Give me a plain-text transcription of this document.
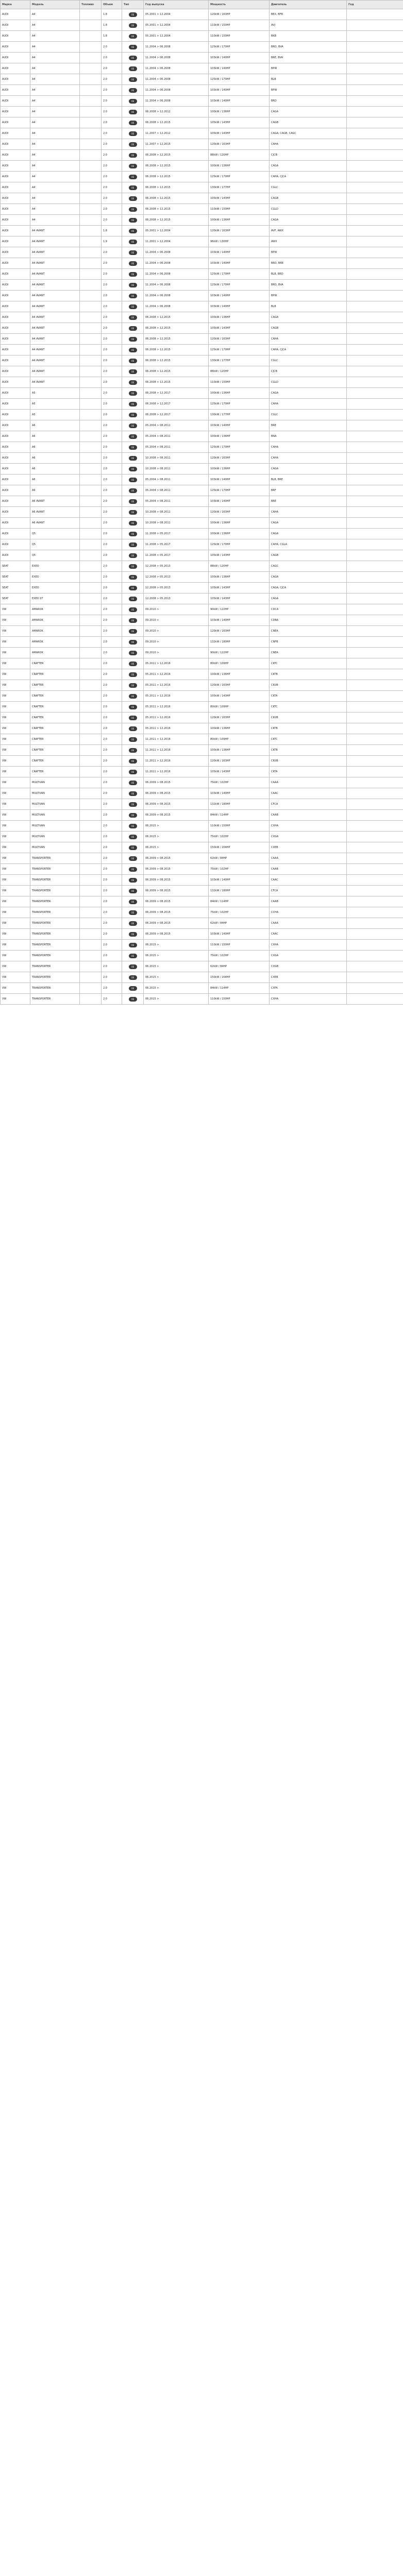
Марка	Модель	Топливо	Объем	Тип	Год выпуска	Мощность	Двигатель	Год
AUDI	A4		1.8	ОЕ	05.2001 > 12.2004	120kW / 163HP	BEX, BFB	
AUDI	A4		1.8	ОЕ	05.2001 > 12.2004	110kW / 150HP	AVJ	
AUDI	A4		1.8	ОЕ	05.2001 > 12.2004	110kW / 150HP	BKB	
AUDI	A4		2.0	ОЕ	11.2004 > 06.2008	125kW / 170HP	BRD, BVA	
AUDI	A4		2.0	ОЕ	11.2004 > 06.2008	103kW / 140HP	BRE, BVA	
AUDI	A4		2.0	ОЕ	11.2004 > 06.2008	103kW / 140HP	BPW	
AUDI	A4		2.0	ОЕ	11.2004 > 06.2008	125kW / 170HP	BLB	
AUDI	A4		2.0	ОЕ	11.2004 > 06.2008	103kW / 140HP	BPW	
AUDI	A4		2.0	ОЕ	11.2004 > 06.2008	103kW / 140HP	BRD	
AUDI	A4		2.0	ОЕ	06.2008 > 12.2012	100kW / 136HP	CAGA	
AUDI	A4		2.0	ОЕ	06.2008 > 12.2015	105kW / 143HP	CAGB	
AUDI	A4		2.0	ОЕ	11.2007 > 12.2012	105kW / 143HP	CAGA, CAGB, CAGC	
AUDI	A4		2.0	ОЕ	11.2007 > 12.2015	120kW / 163HP	CAHA	
AUDI	A4		2.0	ОЕ	06.2008 > 12.2015	88kW / 120HP	CJCB	
AUDI	A4		2.0	ОЕ	06.2008 > 12.2015	100kW / 136HP	CAGA	
AUDI	A4		2.0	ОЕ	06.2008 > 12.2015	125kW / 170HP	CAHA, CJCA	
AUDI	A4		2.0	ОЕ	06.2008 > 12.2015	130kW / 177HP	CGLC	
AUDI	A4		2.0	ОЕ	06.2008 > 12.2015	105kW / 143HP	CAGB	
AUDI	A4		2.0	ОЕ	06.2008 > 12.2015	110kW / 150HP	CGLD	
AUDI	A4		2.0	ОЕ	06.2008 > 12.2015	100kW / 136HP	CAGA	
AUDI	A4 AVANT		1.8	ОЕ	05.2001 > 12.2004	120kW / 163HP	AVF, AWX	
AUDI	A4 AVANT		1.9	ОЕ	11.2001 > 12.2004	96kW / 130HP	AWX	
AUDI	A4 AVANT		2.0	ОЕ	11.2004 > 06.2008	103kW / 140HP	BPW	
AUDI	A4 AVANT		2.0	ОЕ	11.2004 > 06.2008	103kW / 140HP	BRD, BRE	
AUDI	A4 AVANT		2.0	ОЕ	11.2004 > 06.2008	125kW / 170HP	BLB, BRD	
AUDI	A4 AVANT		2.0	ОЕ	11.2004 > 06.2008	125kW / 170HP	BRD, BVA	
AUDI	A4 AVANT		2.0	ОЕ	11.2004 > 06.2008	103kW / 140HP	BPW	
AUDI	A4 AVANT		2.0	ОЕ	11.2004 > 06.2008	103kW / 140HP	BLB	
AUDI	A4 AVANT		2.0	ОЕ	06.2008 > 12.2015	100kW / 136HP	CAGA	
AUDI	A4 AVANT		2.0	ОЕ	06.2008 > 12.2015	105kW / 143HP	CAGB	
AUDI	A4 AVANT		2.0	ОЕ	06.2008 > 12.2015	120kW / 163HP	CAHA	
AUDI	A4 AVANT		2.0	ОЕ	06.2008 > 12.2015	125kW / 170HP	CAHA, CJCA	
AUDI	A4 AVANT		2.0	ОЕ	06.2008 > 12.2015	130kW / 177HP	CGLC	
AUDI	A4 AVANT		2.0	ОЕ	06.2008 > 12.2015	88kW / 120HP	CJCB	
AUDI	A4 AVANT		2.0	ОЕ	06.2008 > 12.2015	110kW / 150HP	CGLD	
AUDI	A5		2.0	ОЕ	06.2008 > 12.2017	100kW / 136HP	CAGA	
AUDI	A5		2.0	ОЕ	06.2008 > 12.2017	125kW / 170HP	CAHA	
AUDI	A5		2.0	ОЕ	06.2008 > 12.2017	130kW / 177HP	CGLC	
AUDI	A6		2.0	ОЕ	05.2004 > 08.2011	103kW / 140HP	BRE	
AUDI	A6		2.0	ОЕ	05.2004 > 08.2011	100kW / 136HP	BNA	
AUDI	A6		2.0	ОЕ	05.2004 > 08.2011	125kW / 170HP	CAHA	
AUDI	A6		2.0	ОЕ	10.2008 > 08.2011	120kW / 163HP	CAHA	
AUDI	A6		2.0	ОЕ	10.2008 > 08.2011	100kW / 136HP	CAGA	
AUDI	A6		2.0	ОЕ	05.2004 > 08.2011	103kW / 140HP	BLB, BRE	
AUDI	A6		2.0	ОЕ	05.2004 > 08.2011	125kW / 170HP	BRF	
AUDI	A6 AVANT		2.0	ОЕ	05.2004 > 08.2011	103kW / 140HP	BRE	
AUDI	A6 AVANT		2.0	ОЕ	10.2008 > 08.2011	120kW / 163HP	CAHA	
AUDI	A6 AVANT		2.0	ОЕ	10.2008 > 08.2011	100kW / 136HP	CAGA	
AUDI	Q5		2.0	ОЕ	11.2008 > 05.2017	100kW / 136HP	CAGA	
AUDI	Q5		2.0	ОЕ	11.2008 > 05.2017	125kW / 170HP	CAHA, CGLA	
AUDI	Q5		2.0	ОЕ	11.2008 > 05.2017	105kW / 143HP	CAGB	
SEAT	EXEO		2.0	ОЕ	12.2008 > 05.2013	88kW / 120HP	CAGC	
SEAT	EXEO		2.0	ОЕ	12.2008 > 05.2013	100kW / 136HP	CAGA	
SEAT	EXEO		2.0	ОЕ	12.2008 > 05.2013	105kW / 143HP	CAGA, CJCA	
SEAT	EXEO ST		2.0	ОЕ	12.2008 > 05.2013	105kW / 143HP	CAGA	
VW	AMAROK		2.0	ОЕ	09.2010 >	90kW / 122HP	CDCA	
VW	AMAROK		2.0	ОЕ	09.2010 >	103kW / 140HP	CDBA	
VW	AMAROK		2.0	ОЕ	09.2010 >	120kW / 163HP	CNEA	
VW	AMAROK		2.0	ОЕ	09.2010 >	132kW / 180HP	CNFB	
VW	AMAROK		2.0	ОЕ	09.2010 >	90kW / 122HP	CNEA	
VW	CRAFTER		2.0	ОЕ	05.2011 > 12.2016	80kW / 109HP	CKTC	
VW	CRAFTER		2.0	ОЕ	05.2011 > 12.2016	100kW / 136HP	CKTB	
VW	CRAFTER		2.0	ОЕ	05.2011 > 12.2016	120kW / 163HP	CKUB	
VW	CRAFTER		2.0	ОЕ	05.2011 > 12.2016	105kW / 143HP	CKTA	
VW	CRAFTER		2.0	ОЕ	05.2011 > 12.2016	80kW / 109HP	CKTC	
VW	CRAFTER		2.0	ОЕ	05.2011 > 12.2016	120kW / 163HP	CKUB	
VW	CRAFTER		2.0	ОЕ	05.2011 > 12.2016	100kW / 136HP	CKTB	
VW	CRAFTER		2.0	ОЕ	11.2011 > 12.2016	80kW / 109HP	CKTC	
VW	CRAFTER		2.0	ОЕ	11.2011 > 12.2016	100kW / 136HP	CKTB	
VW	CRAFTER		2.0	ОЕ	11.2011 > 12.2016	120kW / 163HP	CKUB	
VW	CRAFTER		2.0	ОЕ	11.2011 > 12.2016	105kW / 143HP	CKTA	
VW	MULTIVAN		2.0	ОЕ	06.2009 > 08.2015	75kW / 102HP	CAAA	
VW	MULTIVAN		2.0	ОЕ	06.2009 > 08.2015	103kW / 140HP	CAAC	
VW	MULTIVAN		2.0	ОЕ	06.2009 > 08.2015	132kW / 180HP	CFCA	
VW	MULTIVAN		2.0	ОЕ	06.2009 > 08.2015	84kW / 114HP	CAAB	
VW	MULTIVAN		2.0	ОЕ	06.2015 >	110kW / 150HP	CXHA	
VW	MULTIVAN		2.0	ОЕ	06.2015 >	75kW / 102HP	CXGA	
VW	MULTIVAN		2.0	ОЕ	06.2015 >	150kW / 204HP	CXEB	
VW	TRANSPORTER		2.0	ОЕ	06.2009 > 08.2015	62kW / 84HP	CAAA	
VW	TRANSPORTER		2.0	ОЕ	06.2009 > 08.2015	75kW / 102HP	CAAB	
VW	TRANSPORTER		2.0	ОЕ	06.2009 > 08.2015	103kW / 140HP	CAAC	
VW	TRANSPORTER		2.0	ОЕ	06.2009 > 08.2015	132kW / 180HP	CFCA	
VW	TRANSPORTER		2.0	ОЕ	06.2009 > 08.2015	84kW / 114HP	CAAB	
VW	TRANSPORTER		2.0	ОЕ	06.2009 > 08.2015	75kW / 102HP	CCHA	
VW	TRANSPORTER		2.0	ОЕ	06.2009 > 08.2015	62kW / 84HP	CAAA	
VW	TRANSPORTER		2.0	ОЕ	06.2009 > 08.2015	103kW / 140HP	CAAC	
VW	TRANSPORTER		2.0	ОЕ	06.2015 >	110kW / 150HP	CXHA	
VW	TRANSPORTER		2.0	ОЕ	06.2015 >	75kW / 102HP	CXGA	
VW	TRANSPORTER		2.0	ОЕ	06.2015 >	62kW / 84HP	CXGB	
VW	TRANSPORTER		2.0	ОЕ	06.2015 >	150kW / 204HP	CXEB	
VW	TRANSPORTER		2.0	ОЕ	06.2015 >	84kW / 114HP	CXFA	
VW	TRANSPORTER		2.0	ОЕ	06.2015 >	110kW / 150HP	CXHA	
